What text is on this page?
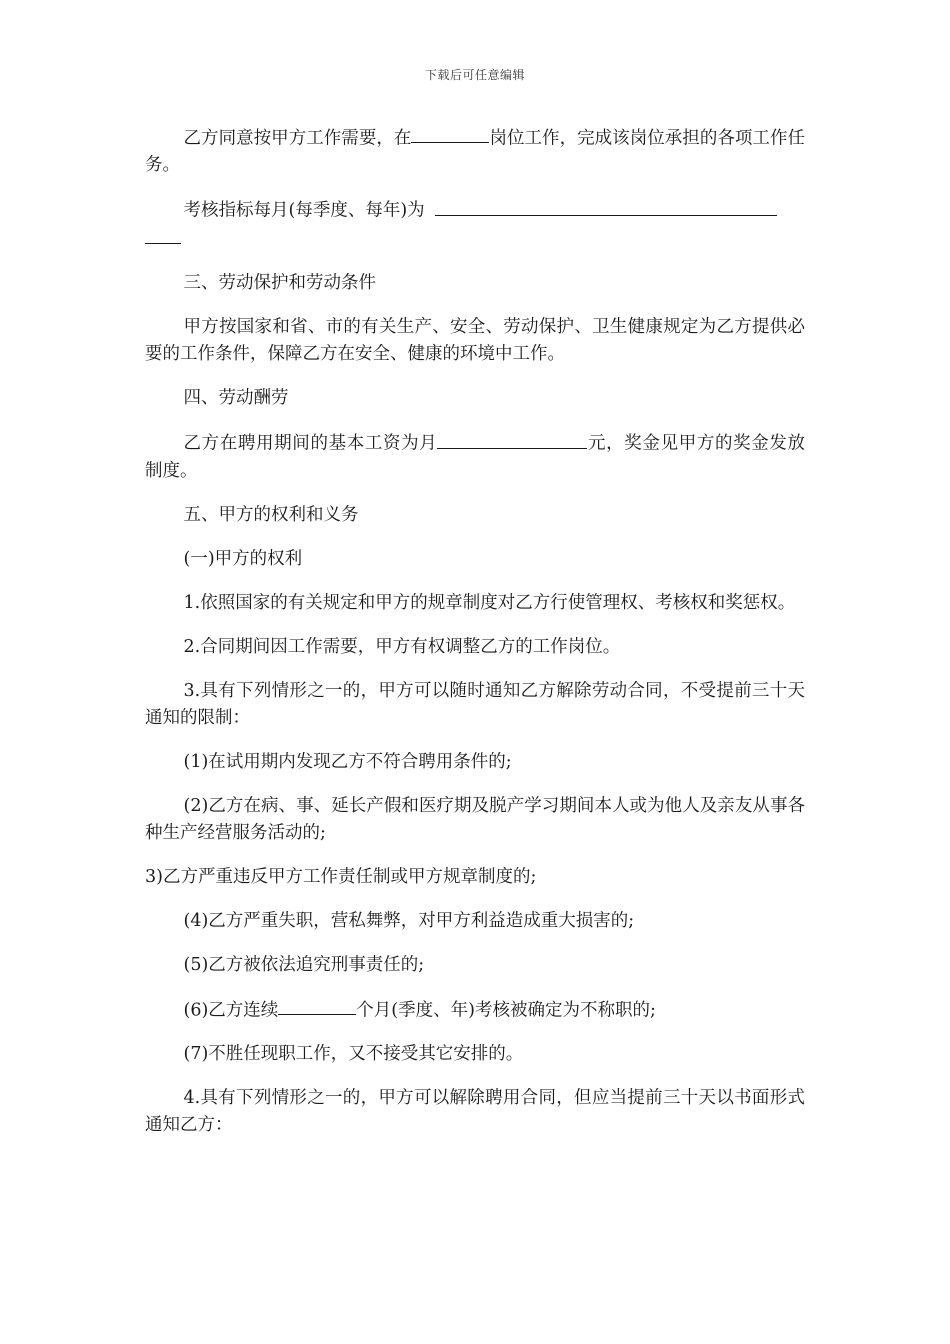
下载后可任意编辑

乙方同意按甲方工作需要，在	岗位工作，完成该岗位承担的各项工作任务。

考核指标每月(每季度、每年)为

三、劳动保护和劳动条件

甲方按国家和省、市的有关生产、安全、劳动保护、卫生健康规定为乙方提供必要的工作条件，保障乙方在安全、健康的环境中工作。

四、劳动酬劳

乙方在聘用期间的基本工资为月	元，奖金见甲方的奖金发放制度。

五、甲方的权利和义务

(一)甲方的权利

1.依照国家的有关规定和甲方的规章制度对乙方行使管理权、考核权和奖惩权。

2.合同期间因工作需要，甲方有权调整乙方的工作岗位。

3.具有下列情形之一的，甲方可以随时通知乙方解除劳动合同，不受提前三十天通知的限制：

(1)在试用期内发现乙方不符合聘用条件的;

(2)乙方在病、事、延长产假和医疗期及脱产学习期间本人或为他人及亲友从事各种生产经营服务活动的;

3)乙方严重违反甲方工作责任制或甲方规章制度的;

(4)乙方严重失职，营私舞弊，对甲方利益造成重大损害的;

(5)乙方被依法追究刑事责任的;

(6)乙方连续	个月(季度、年)考核被确定为不称职的;

(7)不胜任现职工作，又不接受其它安排的。

4.具有下列情形之一的，甲方可以解除聘用合同，但应当提前三十天以书面形式通知乙方：
